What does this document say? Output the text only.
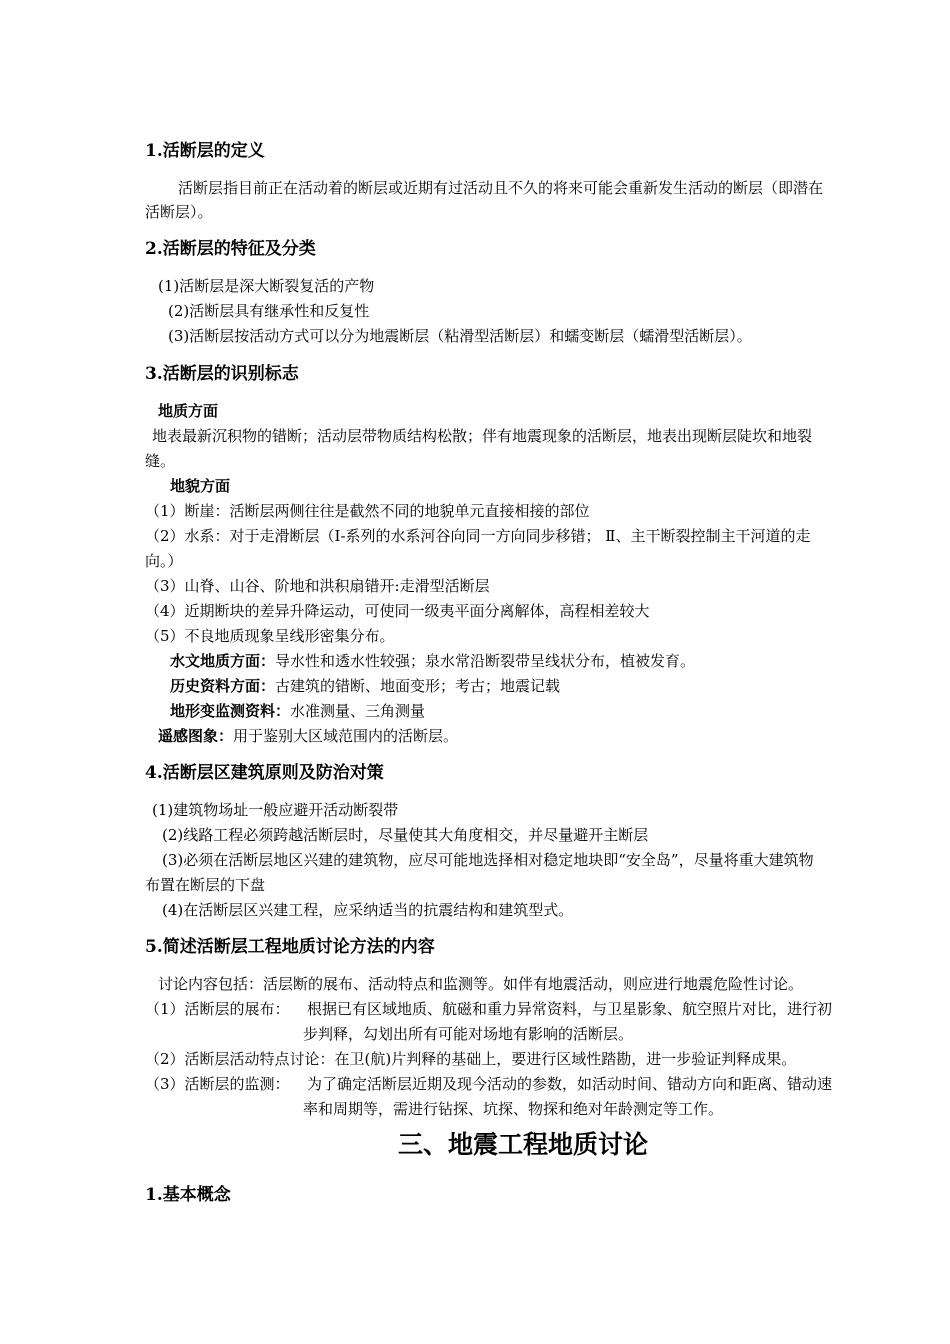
1.活断层的定义
活断层指目前正在活动着的断层或近期有过活动且不久的将来可能会重新发生活动的断层（即潜在
活断层）。
2.活断层的特征及分类
(1)活断层是深大断裂复活的产物
(2)活断层具有继承性和反复性
(3)活断层按活动方式可以分为地震断层（粘滑型活断层）和蠕变断层（蠕滑型活断层）。
3.活断层的识别标志
地质方面
地表最新沉积物的错断；活动层带物质结构松散；伴有地震现象的活断层，地表出现断层陡坎和地裂
缝。
地貌方面
（1）断崖：活断层两侧往往是截然不同的地貌单元直接相接的部位
（2）水系：对于走滑断层（Ⅰ-系列的水系河谷向同一方向同步移错； Ⅱ、主干断裂控制主干河道的走
向。）
（3）山脊、山谷、阶地和洪积扇错开:走滑型活断层
（4）近期断块的差异升降运动，可使同一级夷平面分离解体，高程相差较大
（5）不良地质现象呈线形密集分布。
水文地质方面：导水性和透水性较强；泉水常沿断裂带呈线状分布，植被发育。
历史资料方面：古建筑的错断、地面变形；考古；地震记载
地形变监测资料：水准测量、三角测量
遥感图象：用于鉴别大区域范围内的活断层。
4.活断层区建筑原则及防治对策
(1)建筑物场址一般应避开活动断裂带
(2)线路工程必须跨越活断层时，尽量使其大角度相交，并尽量避开主断层
(3)必须在活断层地区兴建的建筑物，应尽可能地选择相对稳定地块即“安全岛”，尽量将重大建筑物
布置在断层的下盘
(4)在活断层区兴建工程，应采纳适当的抗震结构和建筑型式。
5.简述活断层工程地质讨论方法的内容
讨论内容包括：活层断的展布、活动特点和监测等。如伴有地震活动，则应进行地震危险性讨论。
（1）活断层的展布： 根据已有区域地质、航磁和重力异常资料，与卫星影象、航空照片对比，进行初
步判释，勾划出所有可能对场地有影响的活断层。
（2）活断层活动特点讨论：在卫(航)片判释的基础上，要进行区域性踏勘，进一步验证判释成果。
（3）活断层的监测： 为了确定活断层近期及现今活动的参数，如活动时间、错动方向和距离、错动速
率和周期等，需进行钻探、坑探、物探和绝对年龄测定等工作。
三、地震工程地质讨论
1.基本概念
